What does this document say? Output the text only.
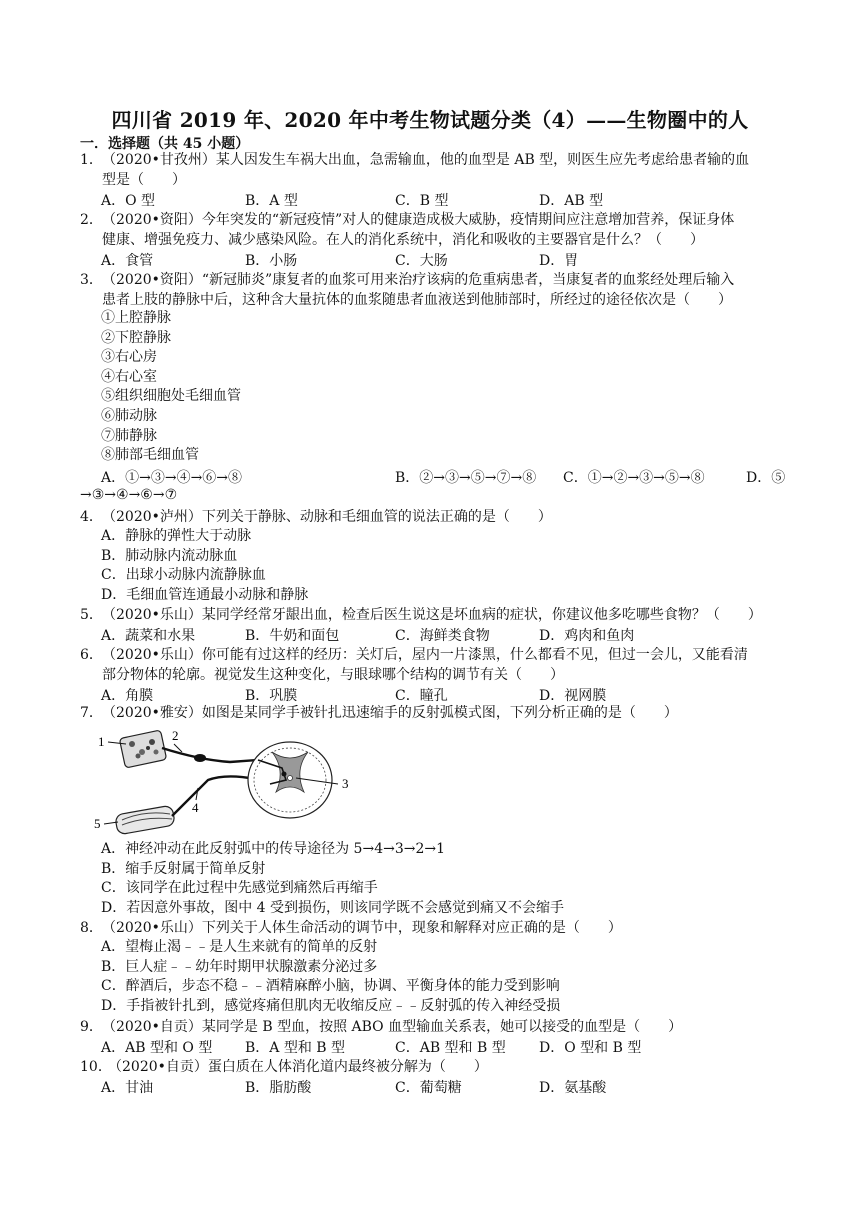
四川省 2019 年、2020 年中考生物试题分类（4）——生物圈中的人
一．选择题（共 45 小题）
1． （2020•甘孜州）某人因发生车祸大出血，急需输血，他的血型是 AB 型，则医生应先考虑给患者输的血
型是（　　）
A．O 型	B．A 型	C．B 型	D．AB 型
2． （2020•资阳）今年突发的“新冠疫情”对人的健康造成极大威胁，疫情期间应注意增加营养，保证身体
健康、增强免疫力、减少感染风险。在人的消化系统中，消化和吸收的主要器官是什么？（　　）
A．食管	B．小肠	C．大肠	D．胃
3． （2020•资阳）“新冠肺炎”康复者的血浆可用来治疗该病的危重病患者，当康复者的血浆经处理后输入
患者上肢的静脉中后，这种含大量抗体的血浆随患者血液送到他肺部时，所经过的途径依次是（　　）
①上腔静脉
②下腔静脉
③右心房
④右心室
⑤组织细胞处毛细血管
⑥肺动脉
⑦肺静脉
⑧肺部毛细血管
A．①→③→④→⑥→⑧	B．②→③→⑤→⑦→⑧ C．①→②→③→⑤→⑧	D．⑤
→③→④→⑥→⑦
4． （2020•泸州）下列关于静脉、动脉和毛细血管的说法正确的是（　　）
A．静脉的弹性大于动脉
B．肺动脉内流动脉血
C．出球小动脉内流静脉血
D．毛细血管连通最小动脉和静脉
5． （2020•乐山）某同学经常牙龈出血，检查后医生说这是坏血病的症状，你建议他多吃哪些食物？（　　）
A．蔬菜和水果	B．牛奶和面包	C．海鲜类食物	D．鸡肉和鱼肉
6． （2020•乐山）你可能有过这样的经历：关灯后，屋内一片漆黑，什么都看不见，但过一会儿，又能看清
部分物体的轮廓。视觉发生这种变化，与眼球哪个结构的调节有关（　　）
A．角膜	B．巩膜	C．瞳孔	D．视网膜
7． （2020•雅安）如图是某同学手被针扎迅速缩手的反射弧模式图，下列分析正确的是（　　）
1	2
3
4
5
A．神经冲动在此反射弧中的传导途径为 5→4→3→2→1
B．缩手反射属于简单反射
C．该同学在此过程中先感觉到痛然后再缩手
D．若因意外事故，图中 4 受到损伤，则该同学既不会感觉到痛又不会缩手
8． （2020•乐山）下列关于人体生命活动的调节中，现象和解释对应正确的是（　　）
A．望梅止渴﹣﹣是人生来就有的简单的反射
B．巨人症﹣﹣幼年时期甲状腺激素分泌过多
C．醉酒后，步态不稳﹣﹣酒精麻醉小脑，协调、平衡身体的能力受到影响
D．手指被针扎到，感觉疼痛但肌肉无收缩反应﹣﹣反射弧的传入神经受损
9． （2020•自贡）某同学是 B 型血，按照 ABO 血型输血关系表，她可以接受的血型是（　　）
A．AB 型和 O 型 B．A 型和 B 型	C．AB 型和 B 型 D．O 型和 B 型
10．
（2020•自贡）蛋白质在人体消化道内最终被分解为（　　）
A．甘油	B．脂肪酸	C．葡萄糖	D．氨基酸
